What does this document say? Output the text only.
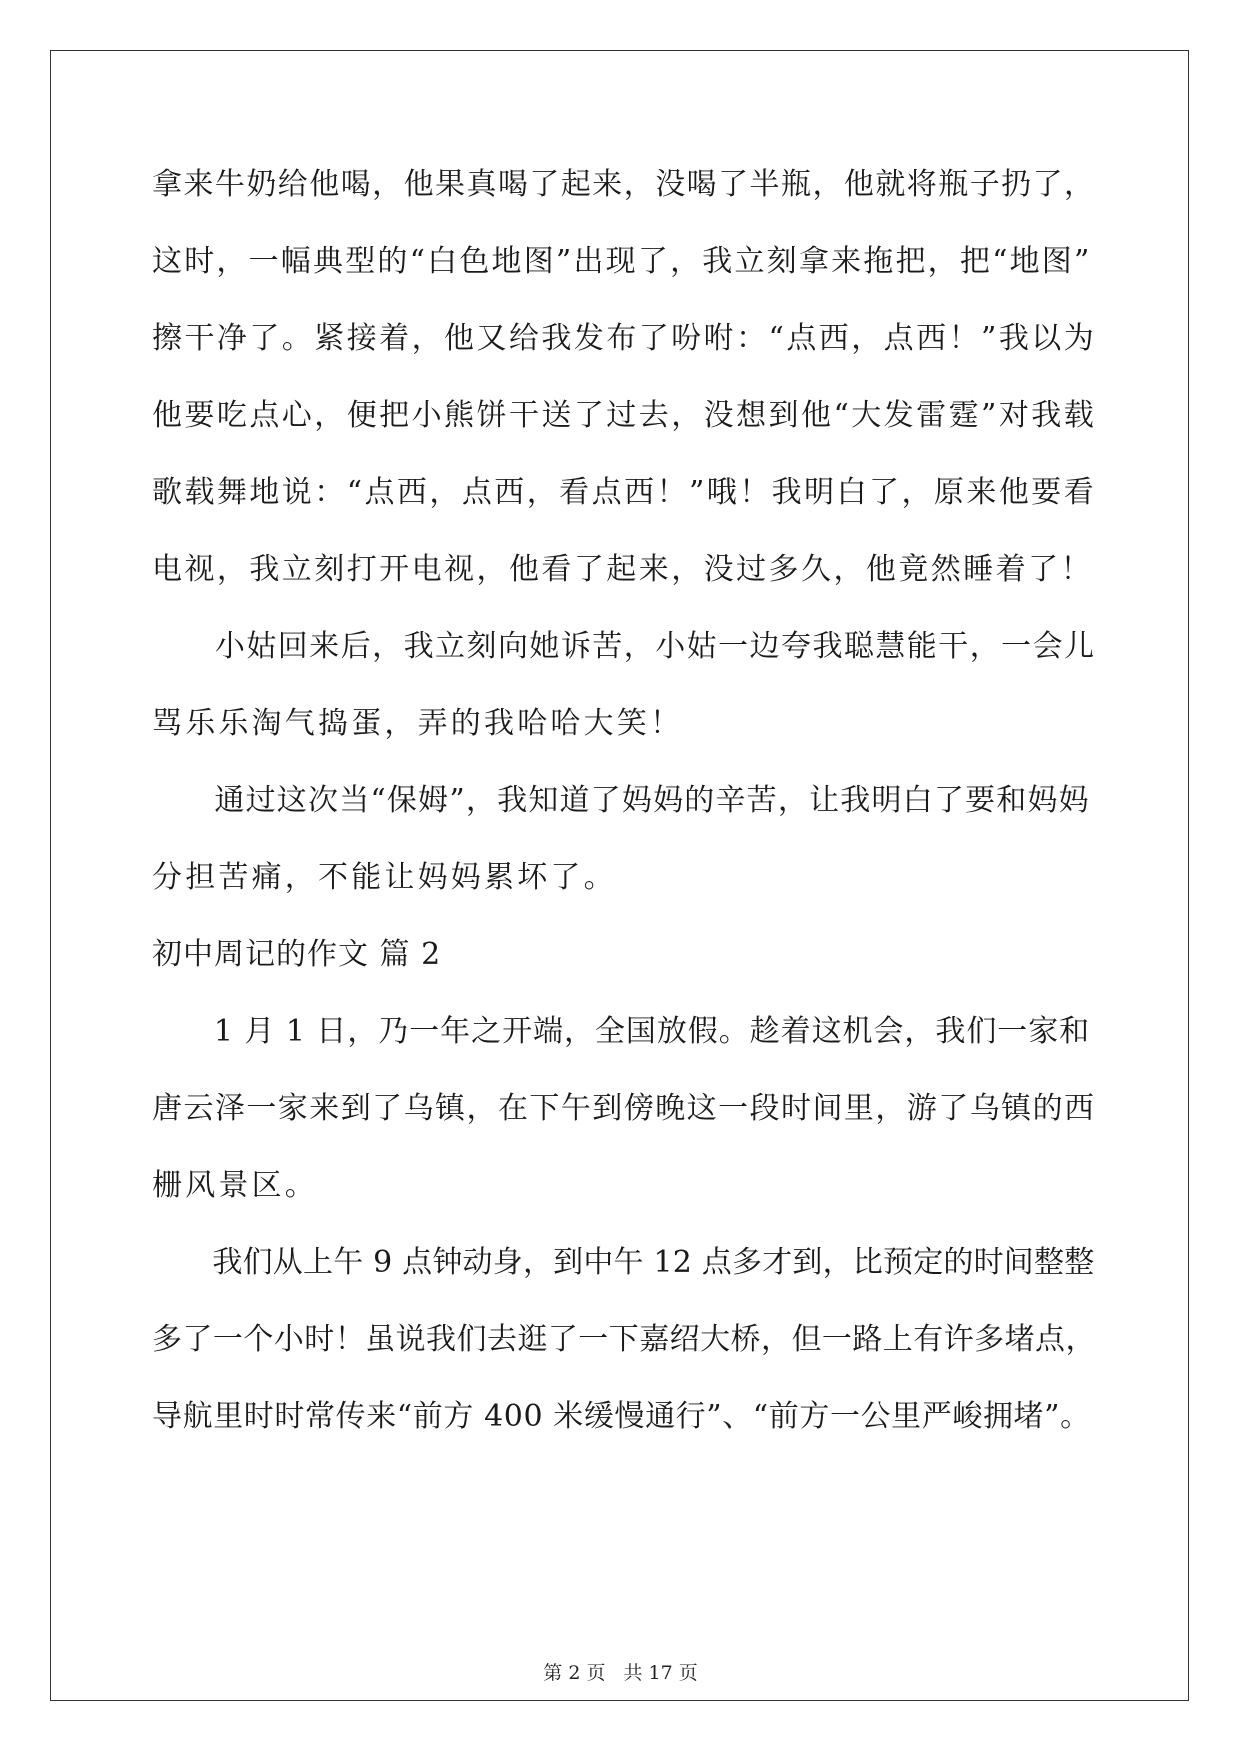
拿来牛奶给他喝，他果真喝了起来，没喝了半瓶，他就将瓶子扔了，
这时，一幅典型的“白色地图”出现了，我立刻拿来拖把，把“地图”
擦干净了。紧接着，他又给我发布了吩咐：“点西，点西！”我以为
他要吃点心，便把小熊饼干送了过去，没想到他“大发雷霆”对我载
歌载舞地说：“点西，点西，看点西！”哦！我明白了，原来他要看
电视，我立刻打开电视，他看了起来，没过多久，他竟然睡着了！
　　小姑回来后，我立刻向她诉苦，小姑一边夸我聪慧能干，一会儿
骂乐乐淘气捣蛋，弄的我哈哈大笑！
　　通过这次当“保姆”，我知道了妈妈的辛苦，让我明白了要和妈妈
分担苦痛，不能让妈妈累坏了。
初中周记的作文 篇 2
　　1 月 1 日，乃一年之开端，全国放假。趁着这机会，我们一家和
唐云泽一家来到了乌镇，在下午到傍晚这一段时间里，游了乌镇的西
栅风景区。
　　我们从上午 9 点钟动身，到中午 12 点多才到，比预定的时间整整
多了一个小时！虽说我们去逛了一下嘉绍大桥，但一路上有许多堵点，
导航里时时常传来“前方 400 米缓慢通行”、“前方一公里严峻拥堵”。
第 2 页 共 17 页
